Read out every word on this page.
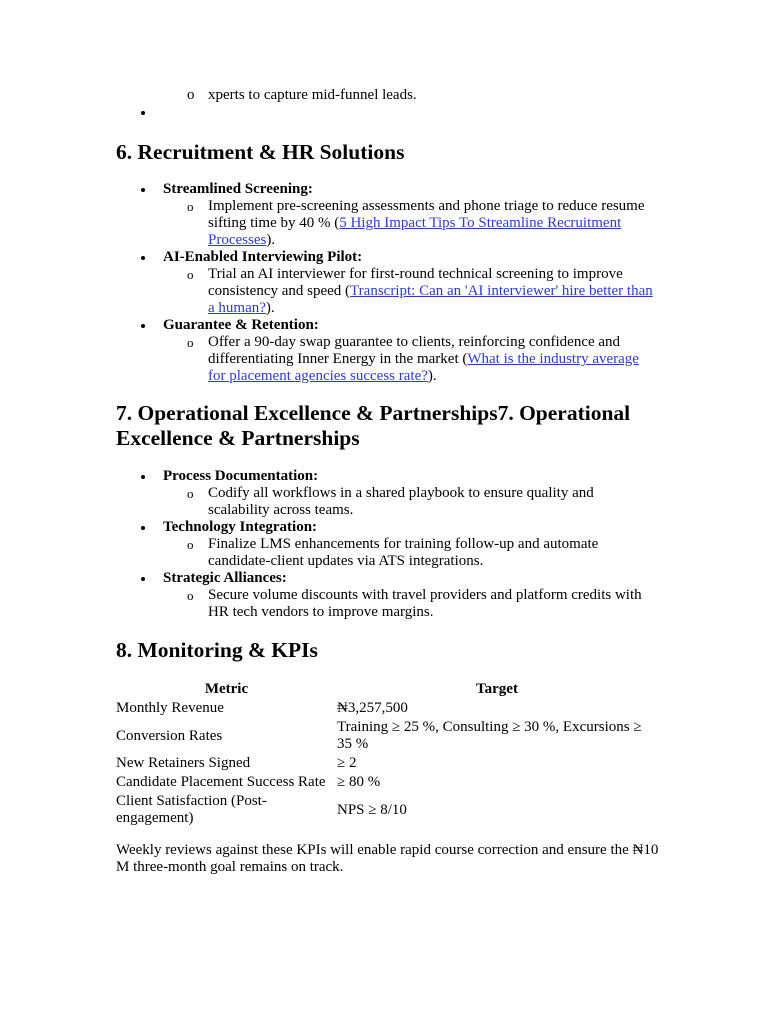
o xperts to capture mid-funnel leads.
6. Recruitment & HR Solutions
Streamlined Screening:
o Implement pre-screening assessments and phone triage to reduce resume sifting time by 40 % (5 High Impact Tips To Streamline Recruitment Processes).
AI-Enabled Interviewing Pilot:
o Trial an AI interviewer for first-round technical screening to improve consistency and speed (Transcript: Can an 'AI interviewer' hire better than a human?).
Guarantee & Retention:
o Offer a 90-day swap guarantee to clients, reinforcing confidence and differentiating Inner Energy in the market (What is the industry average for placement agencies success rate?).
7. Operational Excellence & Partnerships7. Operational Excellence & Partnerships
Process Documentation:
o Codify all workflows in a shared playbook to ensure quality and scalability across teams.
Technology Integration:
o Finalize LMS enhancements for training follow-up and automate candidate-client updates via ATS integrations.
Strategic Alliances:
o Secure volume discounts with travel providers and platform credits with HR tech vendors to improve margins.
8. Monitoring & KPIs
Metric	Target
Monthly Revenue	₦3,257,500
Conversion Rates	Training ≥ 25 %, Consulting ≥ 30 %, Excursions ≥ 35 %
New Retainers Signed	≥ 2
Candidate Placement Success Rate	≥ 80 %
Client Satisfaction (Post-engagement)	NPS ≥ 8/10

Weekly reviews against these KPIs will enable rapid course correction and ensure the ₦10 M three-month goal remains on track.
